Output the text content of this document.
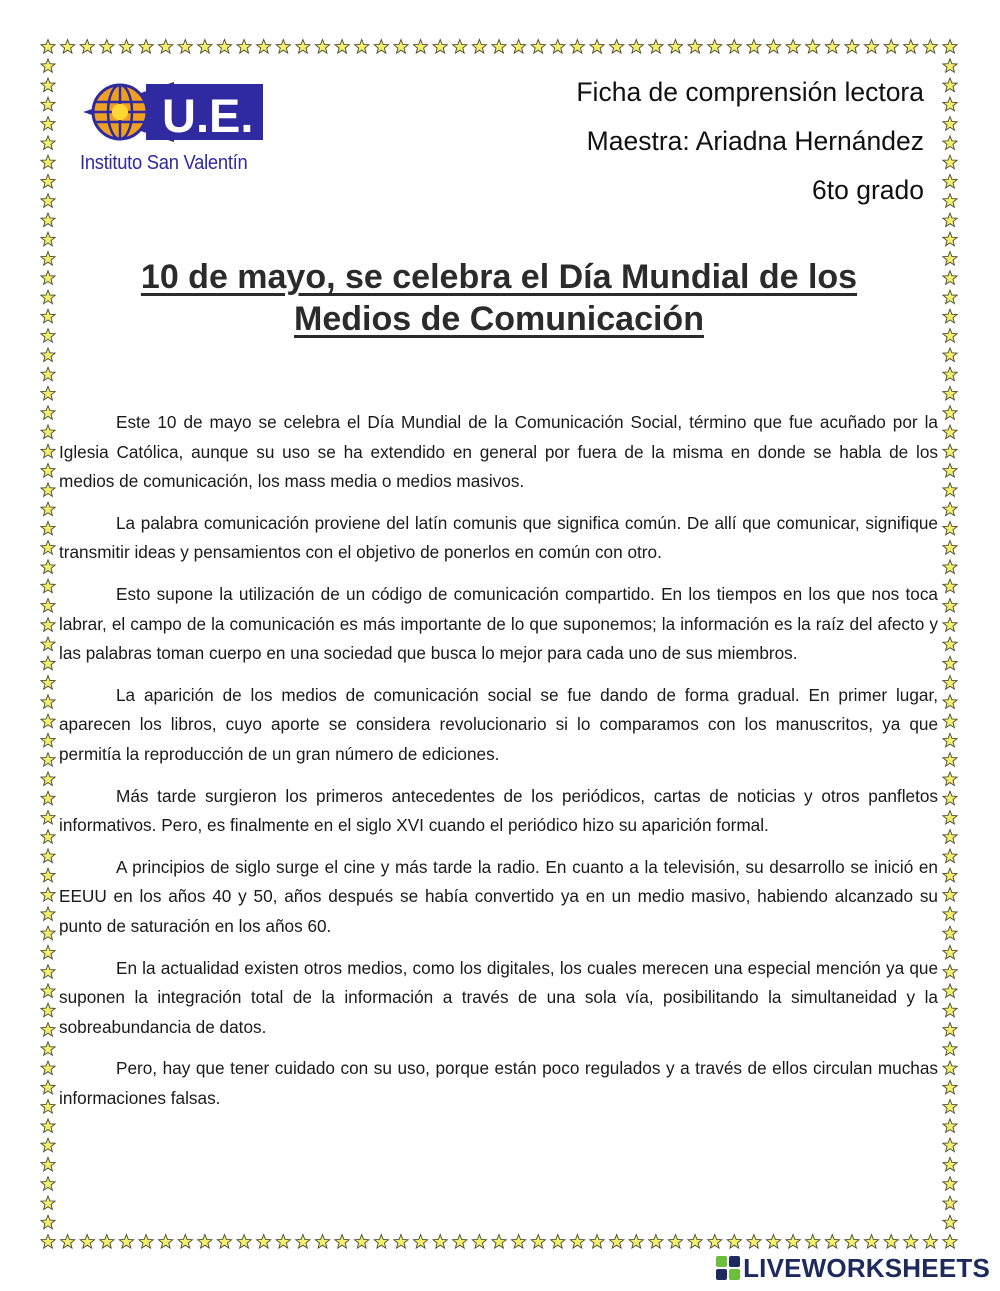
U.E.
Instituto San Valentín
Ficha de comprensión lectora
Maestra: Ariadna Hernández
6to grado
10 de mayo, se celebra el Día Mundial de los
Medios de Comunicación

Este 10 de mayo se celebra el Día Mundial de la Comunicación Social, término que fue acuñado por la Iglesia Católica, aunque su uso se ha extendido en general por fuera de la misma en donde se habla de los medios de comunicación, los mass media o medios masivos.

La palabra comunicación proviene del latín comunis que significa común. De allí que comunicar, signifique transmitir ideas y pensamientos con el objetivo de ponerlos en común con otro.

Esto supone la utilización de un código de comunicación compartido. En los tiempos en los que nos toca labrar, el campo de la comunicación es más importante de lo que suponemos; la información es la raíz del afecto y las palabras toman cuerpo en una sociedad que busca lo mejor para cada uno de sus miembros.

La aparición de los medios de comunicación social se fue dando de forma gradual. En primer lugar, aparecen los libros, cuyo aporte se considera revolucionario si lo comparamos con los manuscritos, ya que permitía la reproducción de un gran número de ediciones.

Más tarde surgieron los primeros antecedentes de los periódicos, cartas de noticias y otros panfletos informativos. Pero, es finalmente en el siglo XVI cuando el periódico hizo su aparición formal.

A principios de siglo surge el cine y más tarde la radio. En cuanto a la televisión, su desarrollo se inició en EEUU en los años 40 y 50, años después se había convertido ya en un medio masivo, habiendo alcanzado su punto de saturación en los años 60.

En la actualidad existen otros medios, como los digitales, los cuales merecen una especial mención ya que suponen la integración total de la información a través de una sola vía, posibilitando la simultaneidad y la sobreabundancia de datos.

Pero, hay que tener cuidado con su uso, porque están poco regulados y a través de ellos circulan muchas informaciones falsas.

LIVEWORKSHEETS
